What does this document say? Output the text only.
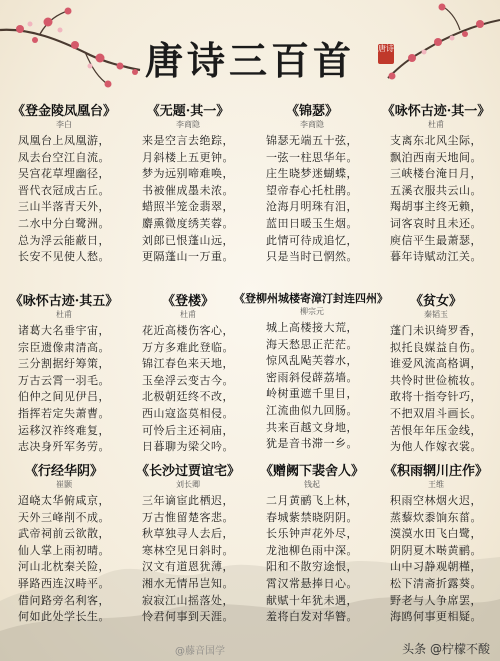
唐诗三百首	唐诗
《登金陵凤凰台》
李白
凤凰台上凤凰游，
凤去台空江自流。
吴宫花草埋幽径，
晋代衣冠成古丘。
三山半落青天外，
二水中分白鹭洲。
总为浮云能蔽日，
长安不见使人愁。
《无题·其一》
李商隐
来是空言去绝踪，
月斜楼上五更钟。
梦为远别啼难唤，
书被催成墨未浓。
蜡照半笼金翡翠，
麝熏微度绣芙蓉。
刘郎已恨蓬山远，
更隔蓬山一万重。
《锦瑟》
李商隐
锦瑟无端五十弦，
一弦一柱思华年。
庄生晓梦迷蝴蝶，
望帝春心托杜鹃。
沧海月明珠有泪，
蓝田日暖玉生烟。
此情可待成追忆，
只是当时已惘然。
《咏怀古迹·其一》
杜甫
支离东北风尘际，
飘泊西南天地间。
三峡楼台淹日月，
五溪衣服共云山。
羯胡事主终无赖，
词客哀时且未还。
庾信平生最萧瑟，
暮年诗赋动江关。
《咏怀古迹·其五》
杜甫
诸葛大名垂宇宙，
宗臣遗像肃清高。
三分割据纡筹策，
万古云霄一羽毛。
伯仲之间见伊吕，
指挥若定失萧曹。
运移汉祚终难复，
志决身歼军务劳。
《登楼》
杜甫
花近高楼伤客心，
万方多难此登临。
锦江春色来天地，
玉垒浮云变古今。
北极朝廷终不改，
西山寇盗莫相侵。
可怜后主还祠庙，
日暮聊为梁父吟。
《登柳州城楼寄漳汀封连四州》
柳宗元
城上高楼接大荒，
海天愁思正茫茫。
惊风乱飐芙蓉水，
密雨斜侵薜荔墙。
岭树重遮千里目，
江流曲似九回肠。
共来百越文身地，
犹是音书滞一乡。
《贫女》
秦韬玉
蓬门未识绮罗香，
拟托良媒益自伤。
谁爱风流高格调，
共怜时世俭梳妆。
敢将十指夸针巧，
不把双眉斗画长。
苦恨年年压金线，
为他人作嫁衣裳。
《行经华阴》
崔颢
迢峣太华俯咸京，
天外三峰削不成。
武帝祠前云欲散，
仙人掌上雨初晴。
河山北枕秦关险，
驿路西连汉畤平。
借问路旁名利客，
何如此处学长生。
《长沙过贾谊宅》
刘长卿
三年谪宦此栖迟，
万古惟留楚客悲。
秋草独寻人去后，
寒林空见日斜时。
汉文有道恩犹薄，
湘水无情吊岂知。
寂寂江山摇落处，
怜君何事到天涯。
《赠阙下裴舍人》
钱起
二月黄鹂飞上林，
春城紫禁晓阴阴。
长乐钟声花外尽，
龙池柳色雨中深。
阳和不散穷途恨，
霄汉常悬捧日心。
献赋十年犹未遇，
羞将白发对华簪。
《积雨辋川庄作》
王维
积雨空林烟火迟，
蒸藜炊黍饷东菑。
漠漠水田飞白鹭，
阴阴夏木啭黄鹂。
山中习静观朝槿，
松下清斋折露葵。
野老与人争席罢，
海鸥何事更相疑。
@藤音国学	头条 @柠檬不酸
